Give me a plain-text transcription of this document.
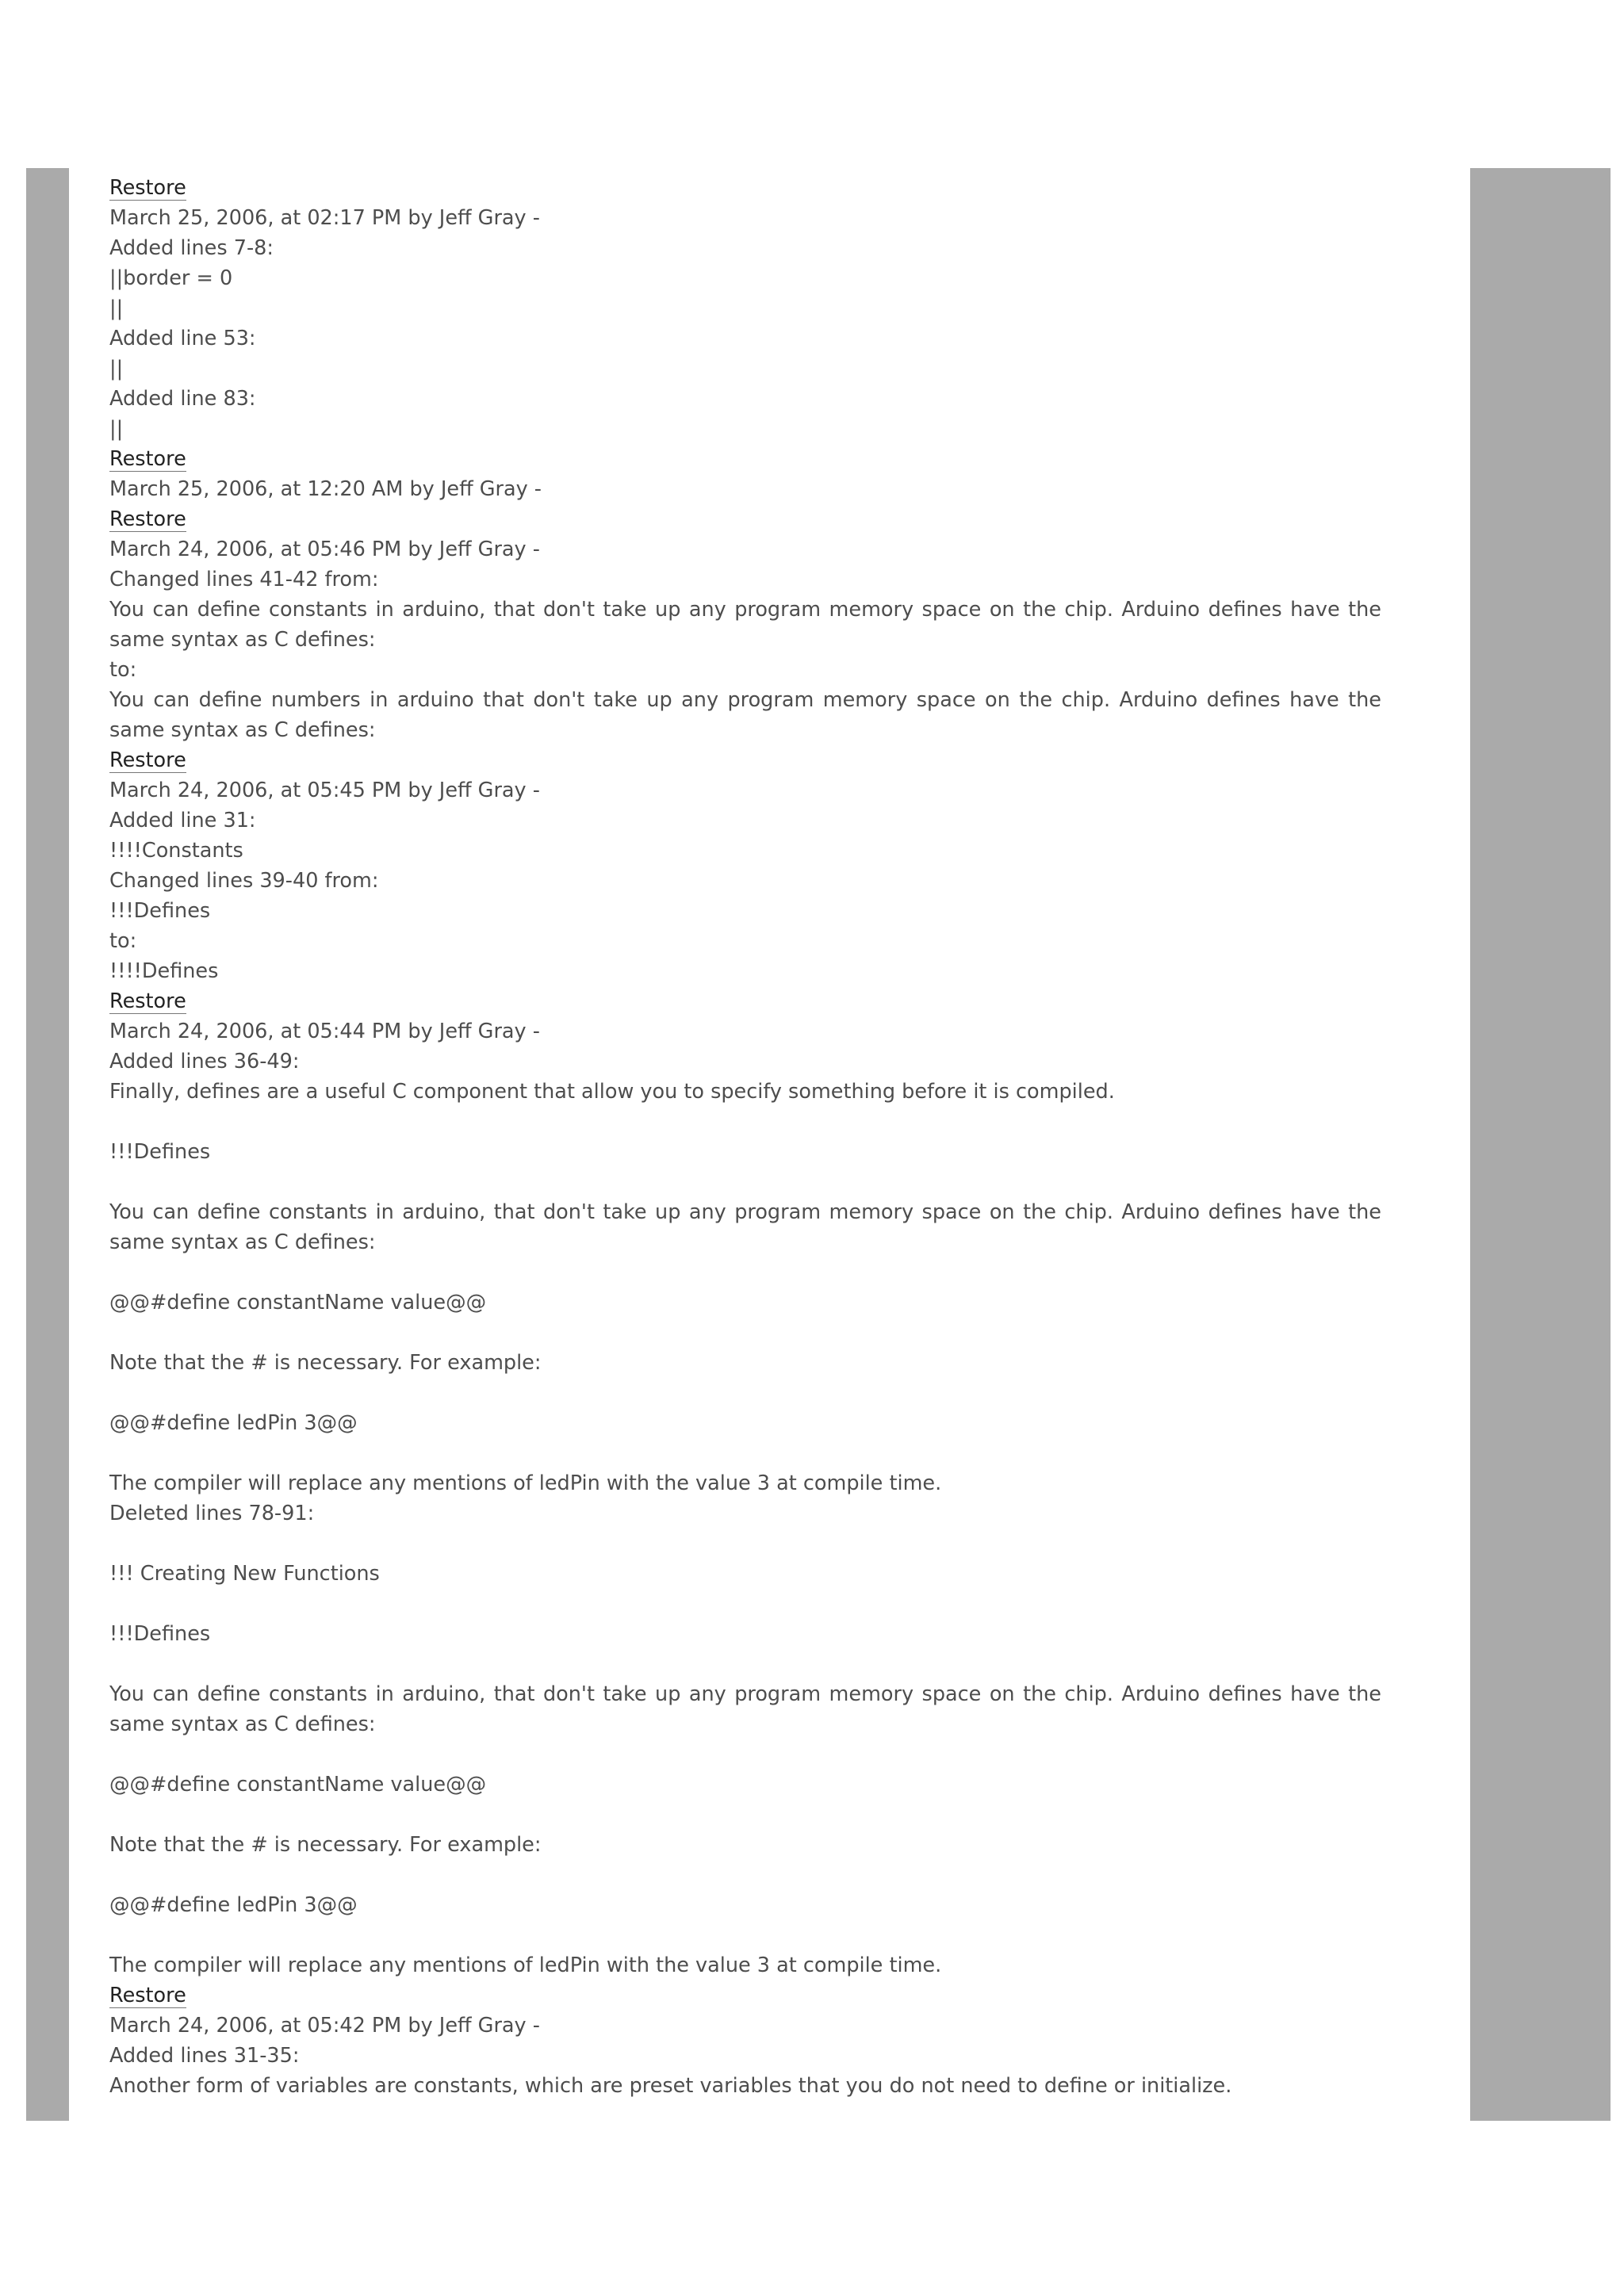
Restore
March 25, 2006, at 02:17 PM by Jeff Gray -
Added lines 7-8:
||border = 0
||
Added line 53:
||
Added line 83:
||
Restore
March 25, 2006, at 12:20 AM by Jeff Gray -
Restore
March 24, 2006, at 05:46 PM by Jeff Gray -
Changed lines 41-42 from:
You can define constants in arduino, that don't take up any program memory space on the chip. Arduino defines have the same syntax as C defines:
to:
You can define numbers in arduino that don't take up any program memory space on the chip. Arduino defines have the same syntax as C defines:
Restore
March 24, 2006, at 05:45 PM by Jeff Gray -
Added line 31:
!!!!Constants
Changed lines 39-40 from:
!!!Defines
to:
!!!!Defines
Restore
March 24, 2006, at 05:44 PM by Jeff Gray -
Added lines 36-49:
Finally, defines are a useful C component that allow you to specify something before it is compiled.
!!!Defines
You can define constants in arduino, that don't take up any program memory space on the chip. Arduino defines have the same syntax as C defines:
@@#define constantName value@@
Note that the # is necessary. For example:
@@#define ledPin 3@@
The compiler will replace any mentions of ledPin with the value 3 at compile time.
Deleted lines 78-91:
!!! Creating New Functions
!!!Defines
You can define constants in arduino, that don't take up any program memory space on the chip. Arduino defines have the same syntax as C defines:
@@#define constantName value@@
Note that the # is necessary. For example:
@@#define ledPin 3@@
The compiler will replace any mentions of ledPin with the value 3 at compile time.
Restore
March 24, 2006, at 05:42 PM by Jeff Gray -
Added lines 31-35:
Another form of variables are constants, which are preset variables that you do not need to define or initialize.
